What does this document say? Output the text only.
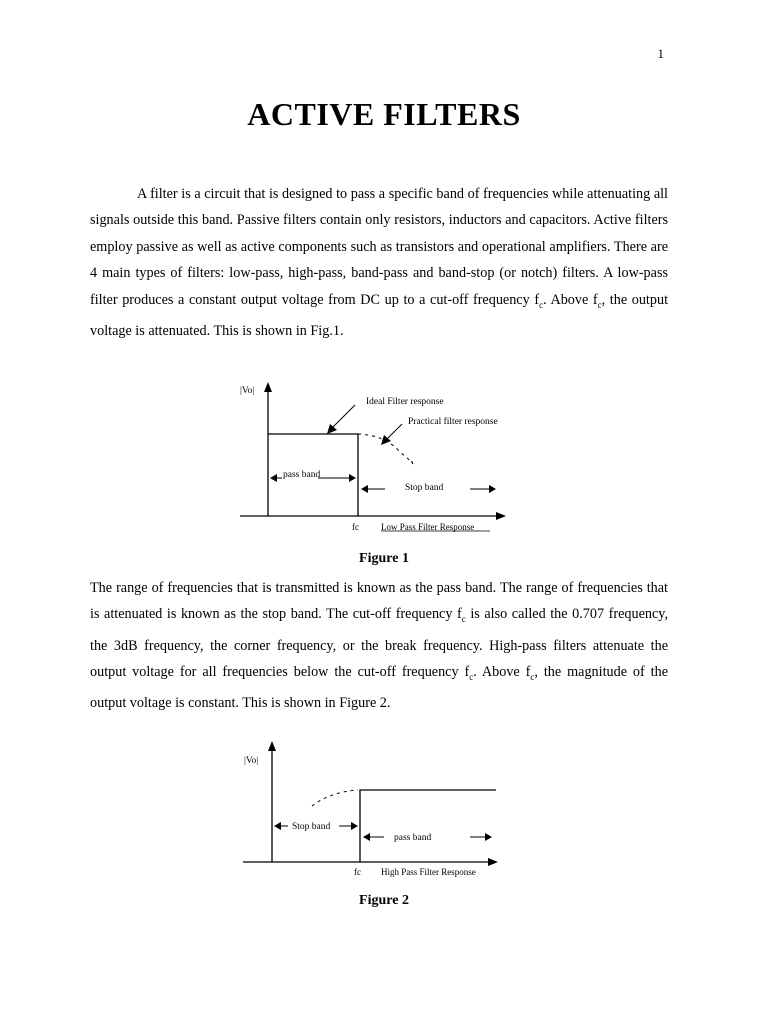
1
ACTIVE FILTERS

A filter is a circuit that is designed to pass a specific band of frequencies while attenuating all signals outside this band. Passive filters contain only resistors, inductors and capacitors. Active filters employ passive as well as active components such as transistors and operational amplifiers. There are 4 main types of filters: low-pass, high-pass, band-pass and band-stop (or notch) filters. A low-pass filter produces a constant output voltage from DC up to a cut-off frequency $f_c$. Above $f_c$, the output voltage is attenuated. This is shown in Fig.1.

|Vo|
Ideal Filter response
Practical filter response
pass band
Stop band
fc Low Pass Filter Response
Figure 1

The range of frequencies that is transmitted is known as the pass band. The range of frequencies that is attenuated is known as the stop band. The cut-off frequency $f_c$ is also called the 0.707 frequency, the 3dB frequency, the corner frequency, or the break frequency. High-pass filters attenuate the output voltage for all frequencies below the cut-off frequency $f_c$. Above $f_c$, the magnitude of the output voltage is constant. This is shown in Figure 2.

|Vo|
Stop band
pass band
fc High Pass Filter Response
Figure 2
